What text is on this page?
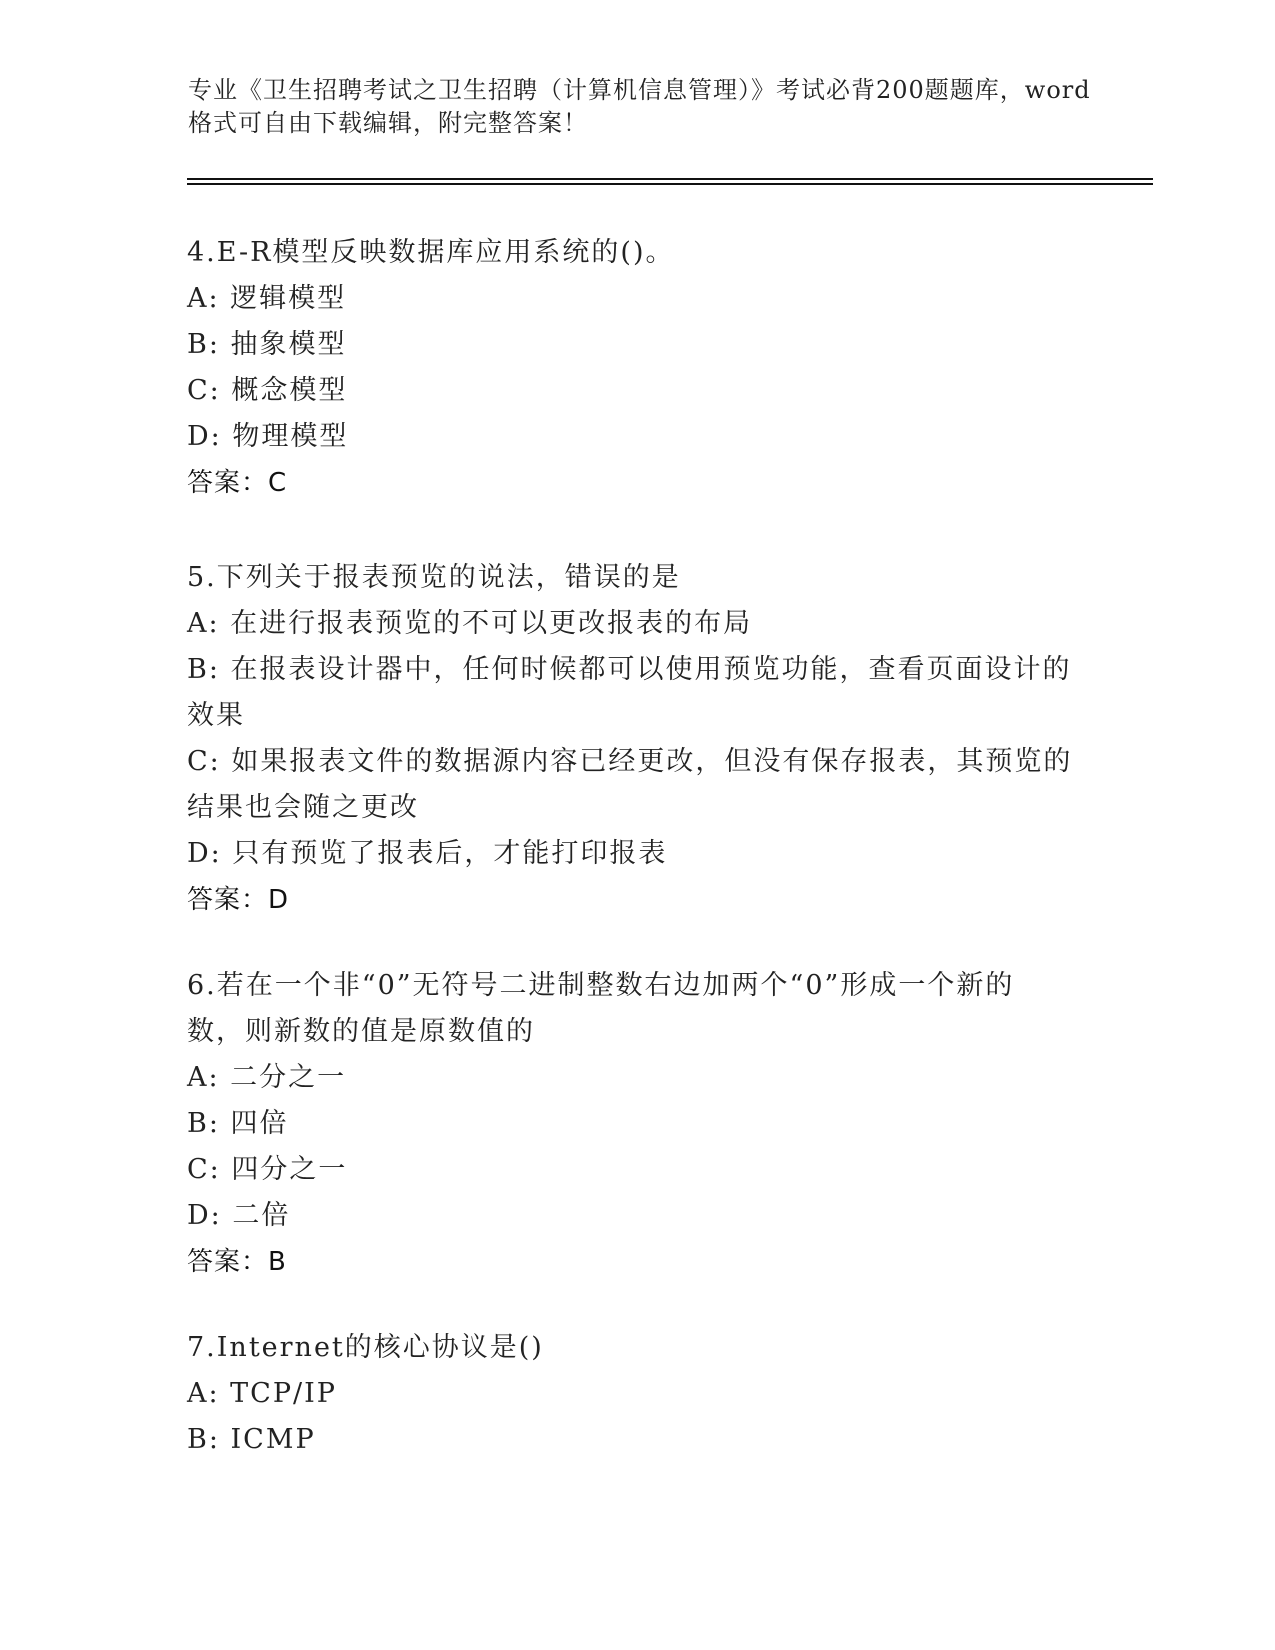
专业《卫生招聘考试之卫生招聘（计算机信息管理）》考试必背200题题库，word
格式可自由下载编辑，附完整答案！
4.E-R模型反映数据库应用系统的()。
A: 逻辑模型
B: 抽象模型
C: 概念模型
D: 物理模型
答案：C
5.下列关于报表预览的说法，错误的是
A: 在进行报表预览的不可以更改报表的布局
B: 在报表设计器中，任何时候都可以使用预览功能，查看页面设计的
效果
C: 如果报表文件的数据源内容已经更改，但没有保存报表，其预览的
结果也会随之更改
D: 只有预览了报表后，才能打印报表
答案：D
6.若在一个非“0”无符号二进制整数右边加两个“0”形成一个新的
数，则新数的值是原数值的
A: 二分之一
B: 四倍
C: 四分之一
D: 二倍
答案：B
7.Internet的核心协议是()
A: TCP/IP
B: ICMP
